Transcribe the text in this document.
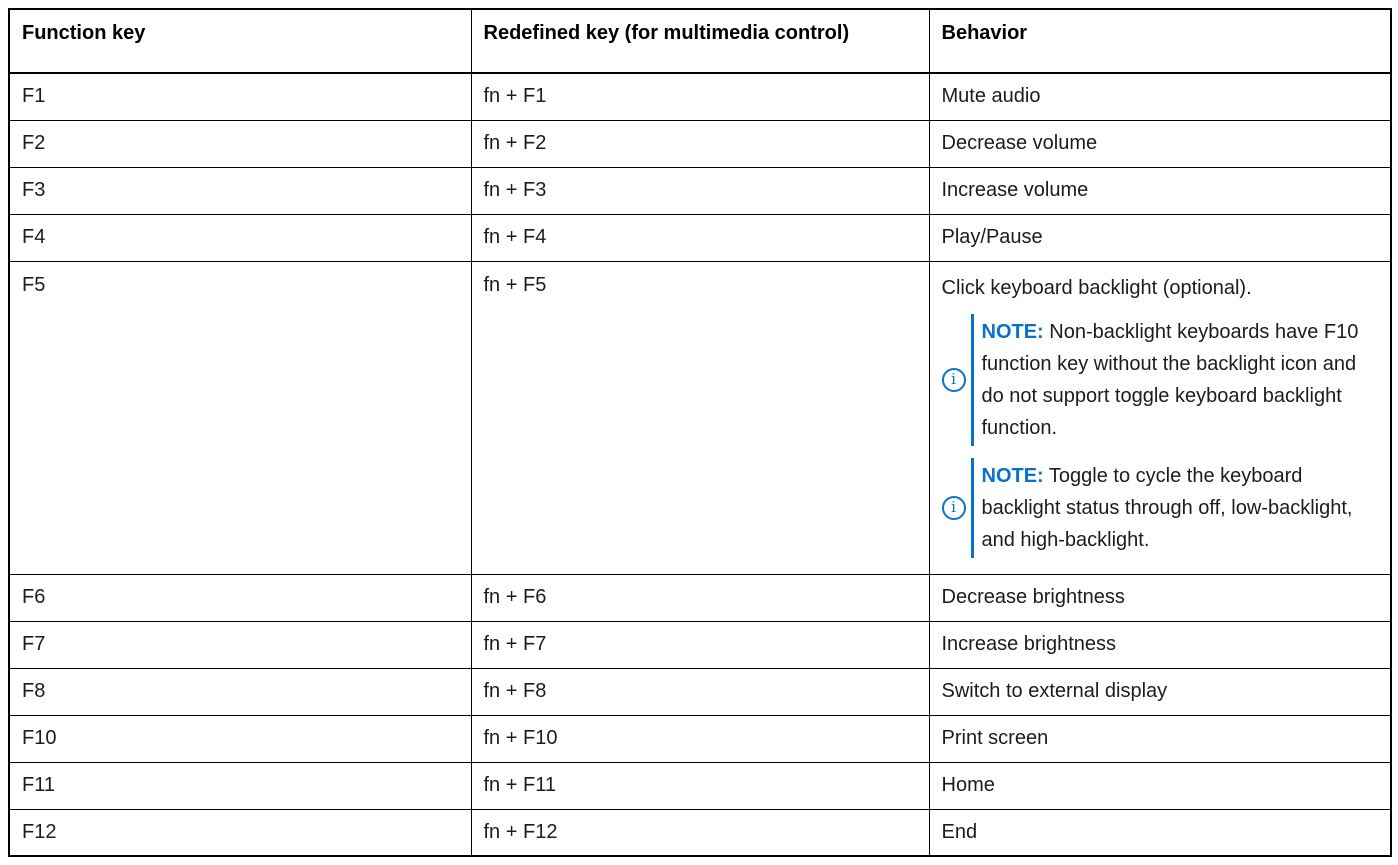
Function key	Redefined key (for multimedia control)	Behavior

F1	fn + F1	Mute audio
F2	fn + F2	Decrease volume
F3	fn + F3	Increase volume
F4	fn + F4	Play/Pause
F5	fn + F5	Click keyboard backlight (optional).
i
NOTE: Non-backlight keyboards have F10 function key without the backlight icon and do not support toggle keyboard backlight function.
i
NOTE: Toggle to cycle the keyboard backlight status through off, low-backlight, and high-backlight.

F6	fn + F6	Decrease brightness
F7	fn + F7	Increase brightness
F8	fn + F8	Switch to external display
F10	fn + F10	Print screen
F11	fn + F11	Home
F12	fn + F12	End
